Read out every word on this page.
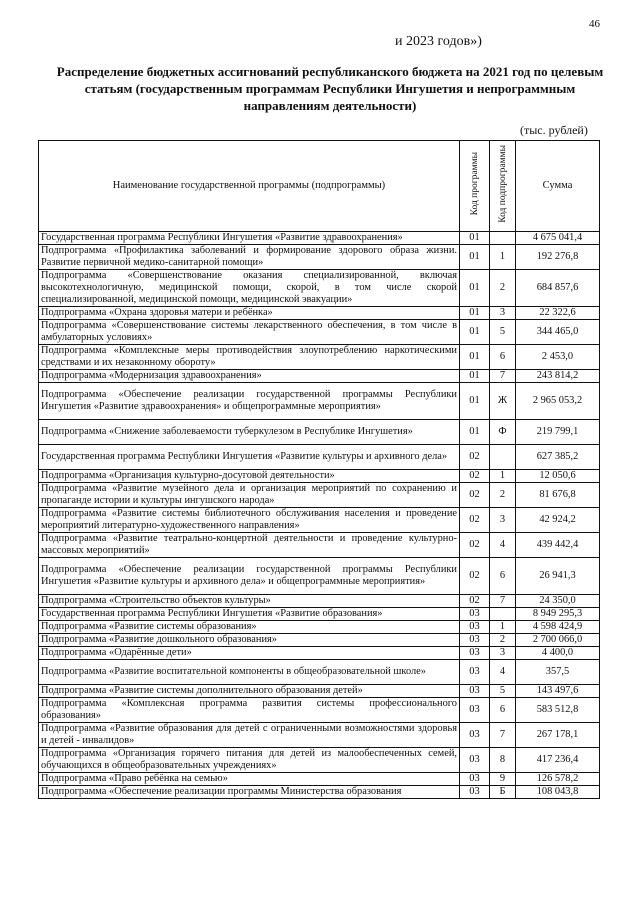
46
и 2023 годов»)
Распределение бюджетных ассигнований республиканского бюджета на 2021 год по целевым статьям (государственным программам Республики Ингушетия и непрограммным направлениям деятельности)
(тыс. рублей)
Наименование государственной программы (подпрограммы)	Код программы	Код подпрограммы	Сумма
Государственная программа Республики Ингушетия «Развитие здравоохранения»	01		4 675 041,4
Подпрограмма «Профилактика заболеваний и формирование здорового образа жизни. Развитие первичной медико-санитарной помощи»	01	1	192 276,8
Подпрограмма «Совершенствование оказания специализированной, включая высокотехнологичную, медицинской помощи, скорой, в том числе скорой специализированной, медицинской помощи, медицинской эвакуации»	01	2	684 857,6
Подпрограмма «Охрана здоровья матери и ребёнка»	01	3	22 322,6
Подпрограмма «Совершенствование системы лекарственного обеспечения, в том числе в амбулаторных условиях»	01	5	344 465,0
Подпрограмма «Комплексные меры противодействия злоупотреблению наркотическими средствами и их незаконному обороту»	01	6	2 453,0
Подпрограмма «Модернизация здравоохранения»	01	7	243 814,2
Подпрограмма «Обеспечение реализации государственной программы Республики Ингушетия «Развитие здравоохранения» и общепрограммные мероприятия»	01	Ж	2 965 053,2
Подпрограмма «Снижение заболеваемости туберкулезом в Республике Ингушетия»	01	Ф	219 799,1
Государственная программа Республики Ингушетия «Развитие культуры и архивного дела»	02		627 385,2
Подпрограмма «Организация культурно-досуговой деятельности»	02	1	12 050,6
Подпрограмма «Развитие музейного дела и организация мероприятий по сохранению и пропаганде истории и культуры ингушского народа»	02	2	81 676,8
Подпрограмма «Развитие системы библиотечного обслуживания населения и проведение мероприятий литературно-художественного направления»	02	3	42 924,2
Подпрограмма «Развитие театрально-концертной деятельности и проведение культурно-массовых мероприятий»	02	4	439 442,4
Подпрограмма «Обеспечение реализации государственной программы Республики Ингушетия «Развитие культуры и архивного дела» и общепрограммные мероприятия»	02	6	26 941,3
Подпрограмма «Строительство объектов культуры»	02	7	24 350,0
Государственная программа Республики Ингушетия «Развитие образования»	03		8 949 295,3
Подпрограмма «Развитие системы образования»	03	1	4 598 424,9
Подпрограмма «Развитие дошкольного образования»	03	2	2 700 066,0
Подпрограмма «Одарённые дети»	03	3	4 400,0
Подпрограмма «Развитие воспитательной компоненты в общеобразовательной школе»	03	4	357,5
Подпрограмма «Развитие системы дополнительного образования детей»	03	5	143 497,6
Подпрограмма «Комплексная программа развития системы профессионального образования»	03	6	583 512,8
Подпрограмма «Развитие образования для детей с ограниченными возможностями здоровья и детей - инвалидов»	03	7	267 178,1
Подпрограмма «Организация горячего питания для детей из малообеспеченных семей, обучающихся в общеобразовательных учреждениях»	03	8	417 236,4
Подпрограмма «Право ребёнка на семью»	03	9	126 578,2
Подпрограмма «Обеспечение реализации программы Министерства образования	03	Б	108 043,8
